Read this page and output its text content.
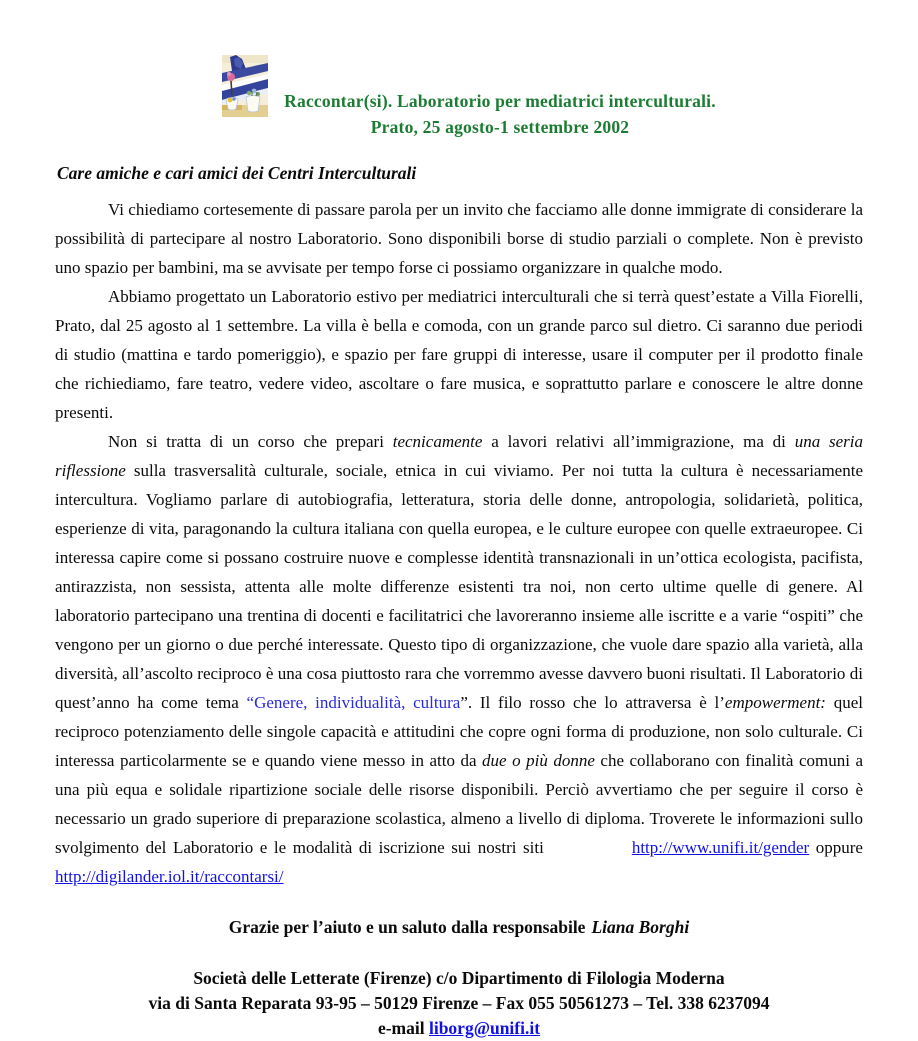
Raccontar(si). Laboratorio per mediatrici interculturali.
Prato, 25 agosto-1 settembre 2002

Care amiche e cari amici dei Centri Interculturali

Vi chiediamo cortesemente di passare parola per un invito che facciamo alle donne immigrate di considerare la possibilità di partecipare al nostro Laboratorio. Sono disponibili borse di studio parziali o complete. Non è previsto uno spazio per bambini, ma se avvisate per tempo forse ci possiamo organizzare in qualche modo.

Abbiamo progettato un Laboratorio estivo per mediatrici interculturali che si terrà quest’estate a Villa Fiorelli, Prato, dal 25 agosto al 1 settembre. La villa è bella e comoda, con un grande parco sul dietro. Ci saranno due periodi di studio (mattina e tardo pomeriggio), e spazio per fare gruppi di interesse, usare il computer per il prodotto finale che richiediamo, fare teatro, vedere video, ascoltare o fare musica, e soprattutto parlare e conoscere le altre donne presenti.

Non si tratta di un corso che prepari tecnicamente a lavori relativi all’immigrazione, ma di una seria riflessione sulla trasversalità culturale, sociale, etnica in cui viviamo. Per noi tutta la cultura è necessariamente intercultura. Vogliamo parlare di autobiografia, letteratura, storia delle donne, antropologia, solidarietà, politica, esperienze di vita, paragonando la cultura italiana con quella europea, e le culture europee con quelle extraeuropee. Ci interessa capire come si possano costruire nuove e complesse identità transnazionali in un’ottica ecologista, pacifista, antirazzista, non sessista, attenta alle molte differenze esistenti tra noi, non certo ultime quelle di genere. Al laboratorio partecipano una trentina di docenti e facilitatrici che lavoreranno insieme alle iscritte e a varie “ospiti” che vengono per un giorno o due perché interessate. Questo tipo di organizzazione, che vuole dare spazio alla varietà, alla diversità, all’ascolto reciproco è una cosa piuttosto rara che vorremmo avesse davvero buoni risultati. Il Laboratorio di quest’anno ha come tema “Genere, individualità, cultura”. Il filo rosso che lo attraversa è l’empowerment: quel reciproco potenziamento delle singole capacità e attitudini che copre ogni forma di produzione, non solo culturale. Ci interessa particolarmente se e quando viene messo in atto da due o più donne che collaborano con finalità comuni a una più equa e solidale ripartizione sociale delle risorse disponibili. Perciò avvertiamo che per seguire il corso è necessario un grado superiore di preparazione scolastica, almeno a livello di diploma. Troverete le informazioni sullo svolgimento del Laboratorio e le modalità di iscrizione sui nostri siti	http://www.unifi.it/gender oppure http://digilander.iol.it/raccontarsi/

Grazie per l’aiuto e un saluto dalla responsabile Liana Borghi

Società delle Letterate (Firenze) c/o Dipartimento di Filologia Moderna
via di Santa Reparata 93-95 – 50129 Firenze – Fax 055 50561273 – Tel. 338 6237094
e-mail liborg@unifi.it
